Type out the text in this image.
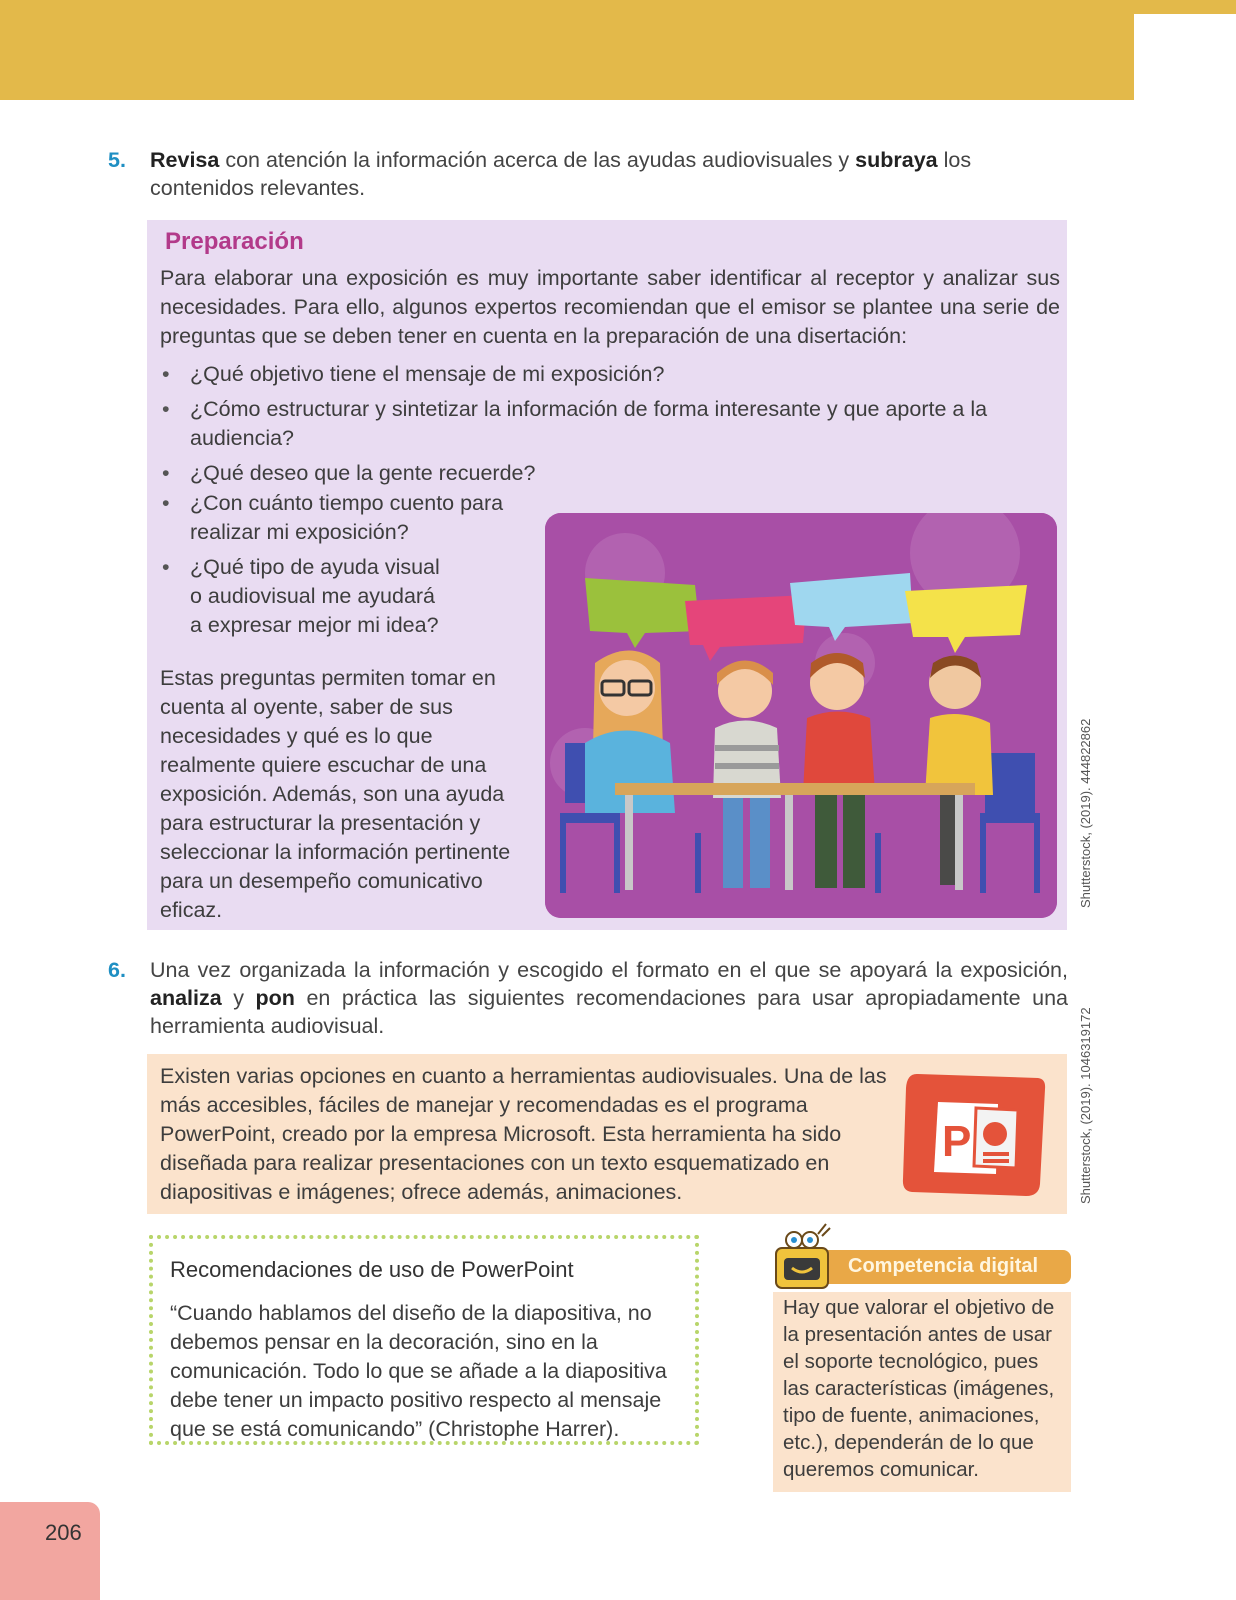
5. Revisa con atención la información acerca de las ayudas audiovisuales y subraya los contenidos relevantes.
Preparación

Para elaborar una exposición es muy importante saber identificar al receptor y analizar sus necesidades. Para ello, algunos expertos recomiendan que el emisor se plantee una serie de preguntas que se deben tener en cuenta en la preparación de una disertación:

• ¿Qué objetivo tiene el mensaje de mi exposición?
• ¿Cómo estructurar y sintetizar la información de forma interesante y que aporte a la audiencia?
• ¿Qué deseo que la gente recuerde?
• ¿Con cuánto tiempo cuento para realizar mi exposición?
• ¿Qué tipo de ayuda visual o audiovisual me ayudará a expresar mejor mi idea?

Estas preguntas permiten tomar en cuenta al oyente, saber de sus necesidades y qué es lo que realmente quiere escuchar de una exposición. Además, son una ayuda para estructurar la presentación y seleccionar la información pertinente para un desempeño comunicativo eficaz.

Shutterstock, (2019). 444822862
6. Una vez organizada la información y escogido el formato en el que se apoyará la exposición, analiza y pon en práctica las siguientes recomendaciones para usar apropiadamente una herramienta audiovisual.

Existen varias opciones en cuanto a herramientas audiovisuales. Una de las más accesibles, fáciles de manejar y recomendadas es el programa PowerPoint, creado por la empresa Microsoft. Esta herramienta ha sido diseñada para realizar presentaciones con un texto esquematizado en diapositivas e imágenes; ofrece además, animaciones.

P	Shutterstock, (2019). 1046319172
Recomendaciones de uso de PowerPoint

“Cuando hablamos del diseño de la diapositiva, no debemos pensar en la decoración, sino en la comunicación. Todo lo que se añade a la diapositiva debe tener un impacto positivo respecto al mensaje que se está comunicando” (Christophe Harrer).

Hay que valorar el objetivo de la presentación antes de usar el soporte tecnológico, pues las características (imágenes, tipo de fuente, animaciones, etc.), dependerán de lo que queremos comunicar.

Competencia digital
206
